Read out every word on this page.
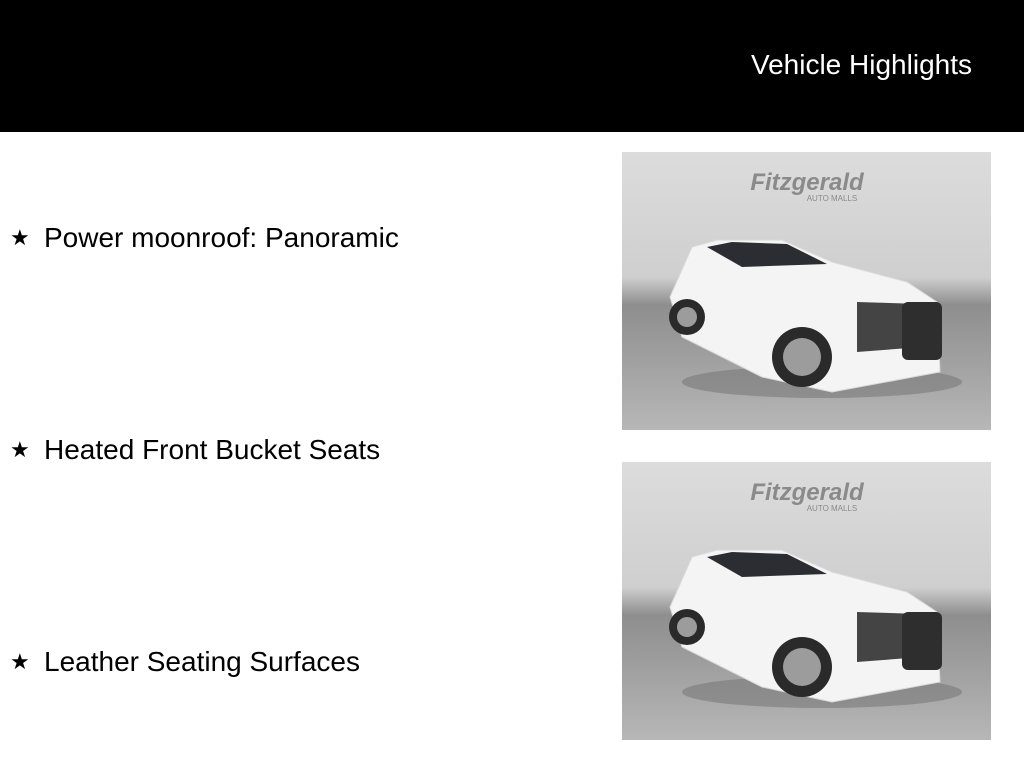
Vehicle Highlights
★ Power moonroof: Panoramic
★ Heated Front Bucket Seats
★ Leather Seating Surfaces
Fitzgerald
AUTO MALLS
Fitzgerald
AUTO MALLS
